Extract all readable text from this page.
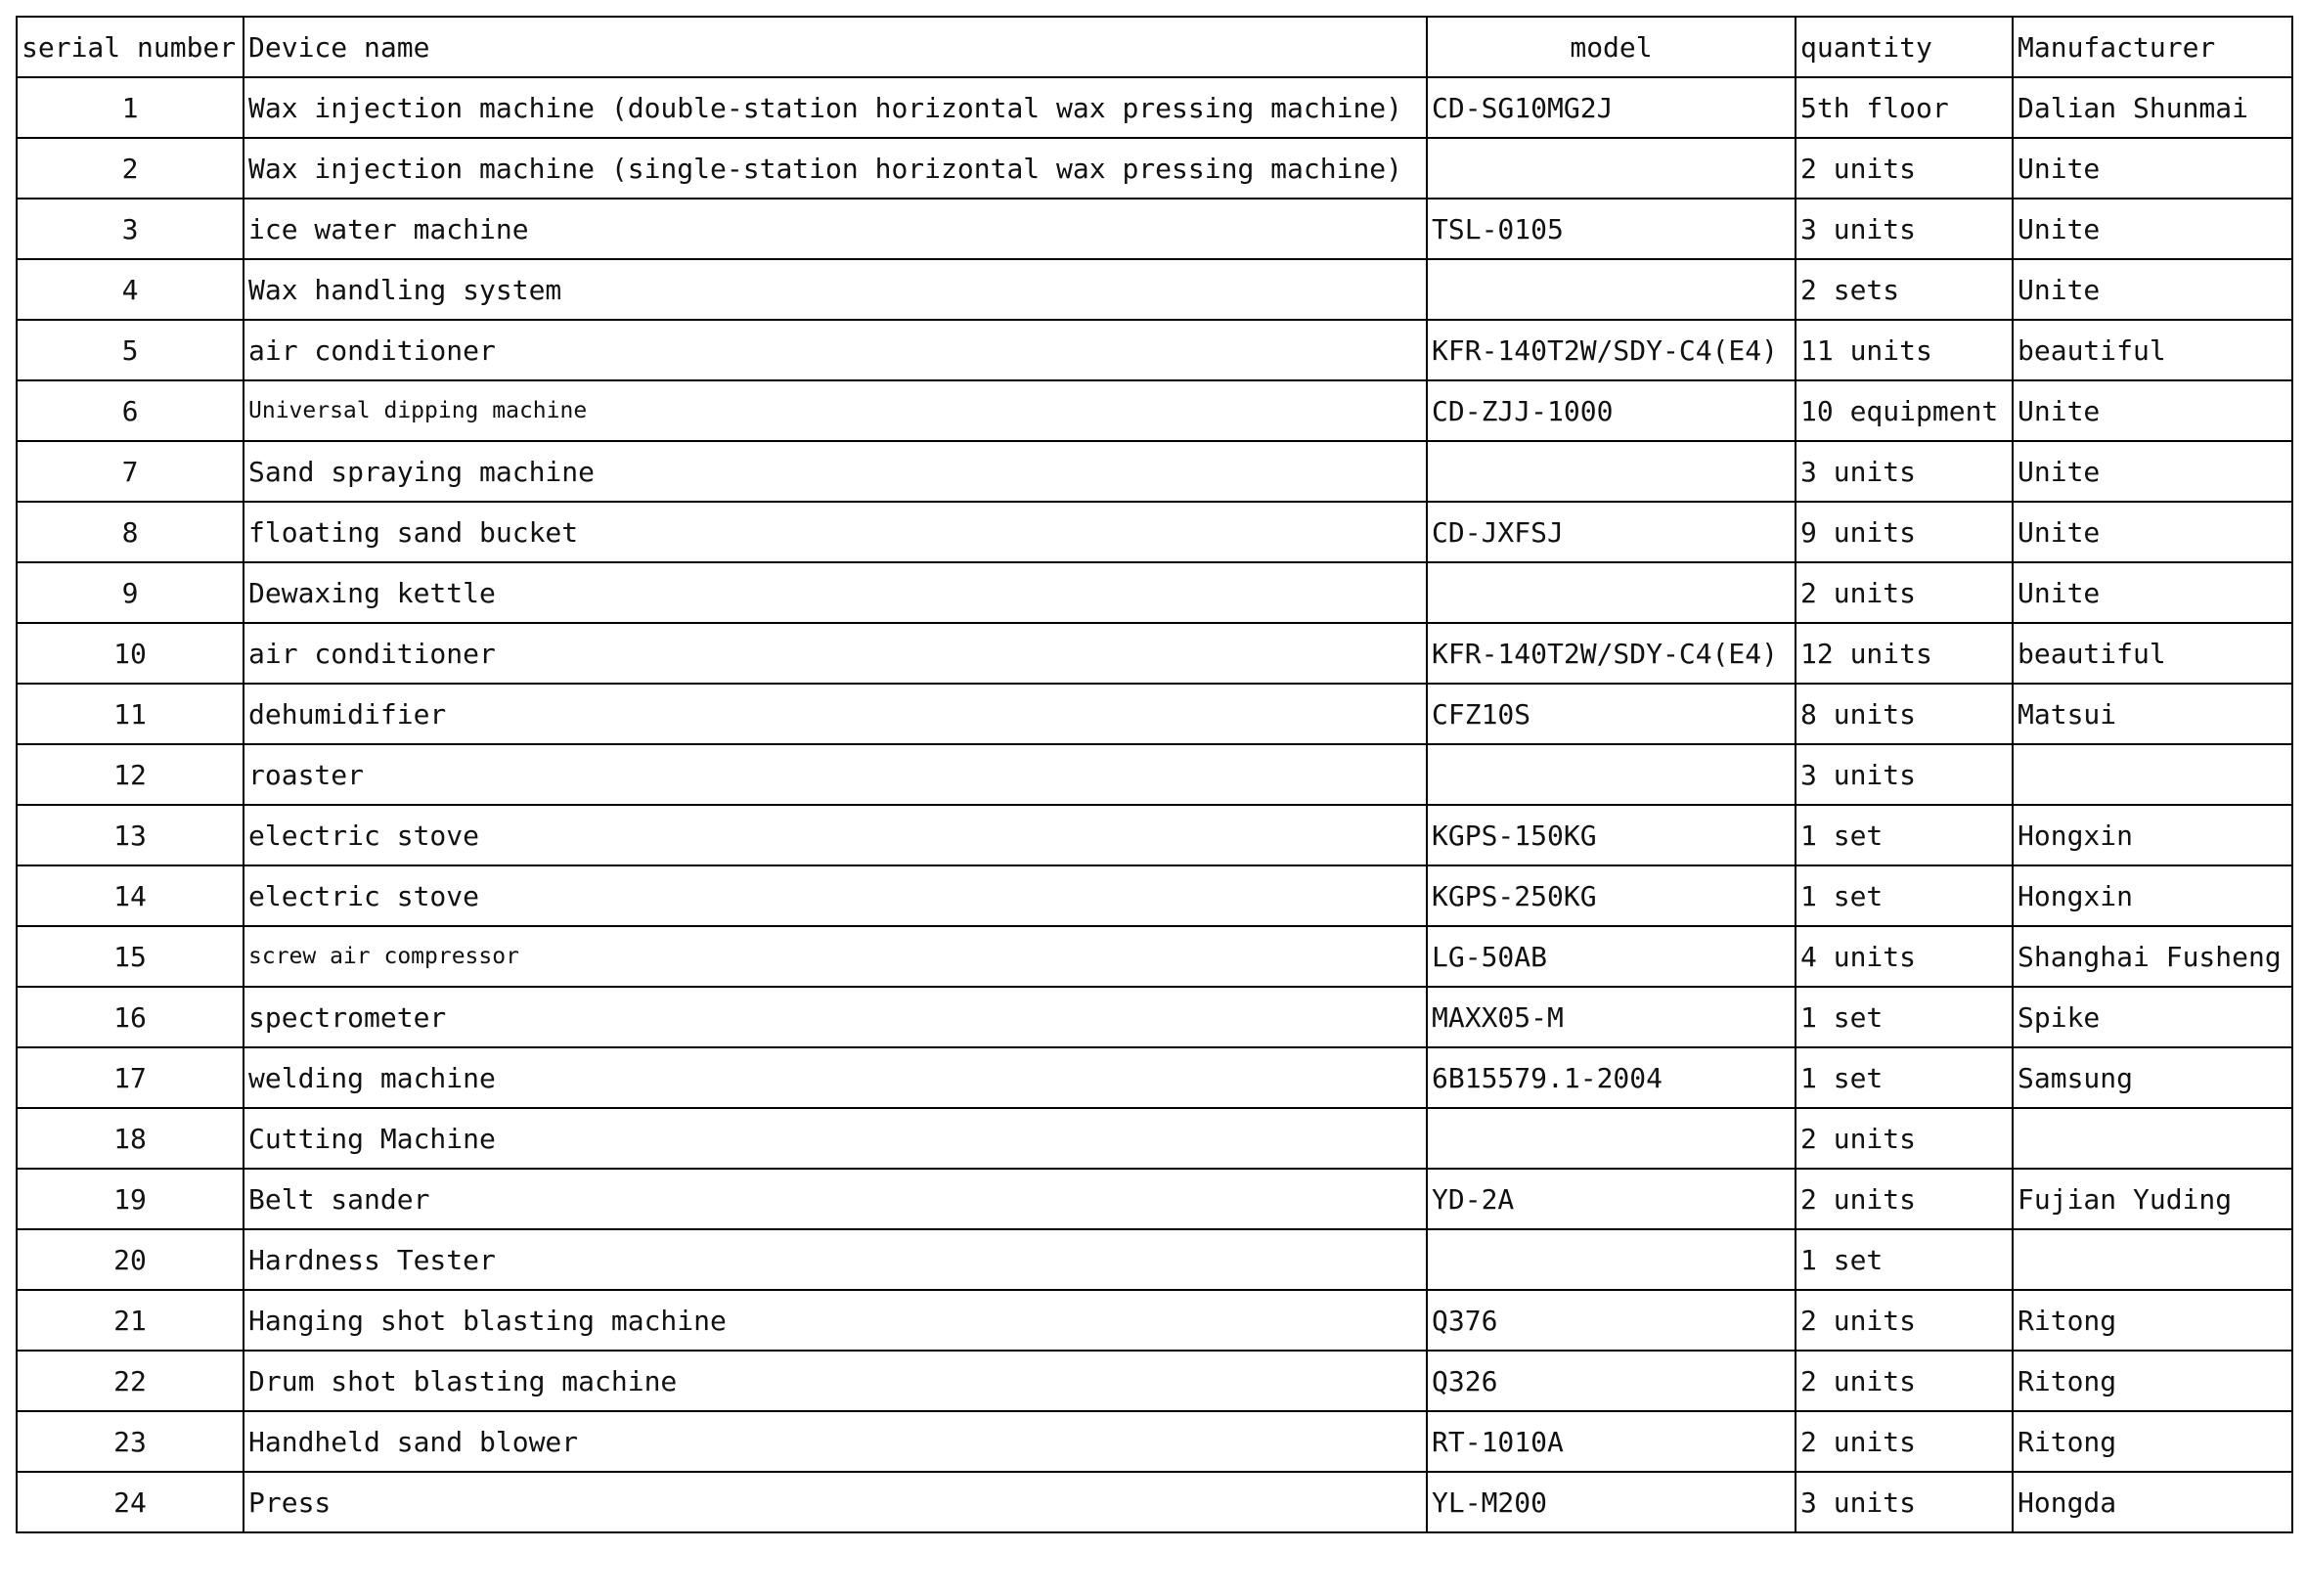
serial number	Device name	model	quantity	Manufacturer
1	Wax injection machine (double-station horizontal wax pressing machine)	CD-SG10MG2J	5th floor	Dalian Shunmai
2	Wax injection machine (single-station horizontal wax pressing machine)		2 units	Unite
3	ice water machine	TSL-0105	3 units	Unite
4	Wax handling system		2 sets	Unite
5	air conditioner	KFR-140T2W/SDY-C4(E4)	11 units	beautiful
6	Universal dipping machine	CD-ZJJ-1000	10 equipment	Unite
7	Sand spraying machine		3 units	Unite
8	floating sand bucket	CD-JXFSJ	9 units	Unite
9	Dewaxing kettle		2 units	Unite
10	air conditioner	KFR-140T2W/SDY-C4(E4)	12 units	beautiful
11	dehumidifier	CFZ10S	8 units	Matsui
12	roaster		3 units	
13	electric stove	KGPS-150KG	1 set	Hongxin
14	electric stove	KGPS-250KG	1 set	Hongxin
15	screw air compressor	LG-50AB	4 units	Shanghai Fusheng
16	spectrometer	MAXX05-M	1 set	Spike
17	welding machine	6B15579.1-2004	1 set	Samsung
18	Cutting Machine		2 units	
19	Belt sander	YD-2A	2 units	Fujian Yuding
20	Hardness Tester		1 set	
21	Hanging shot blasting machine	Q376	2 units	Ritong
22	Drum shot blasting machine	Q326	2 units	Ritong
23	Handheld sand blower	RT-1010A	2 units	Ritong
24	Press	YL-M200	3 units	Hongda
